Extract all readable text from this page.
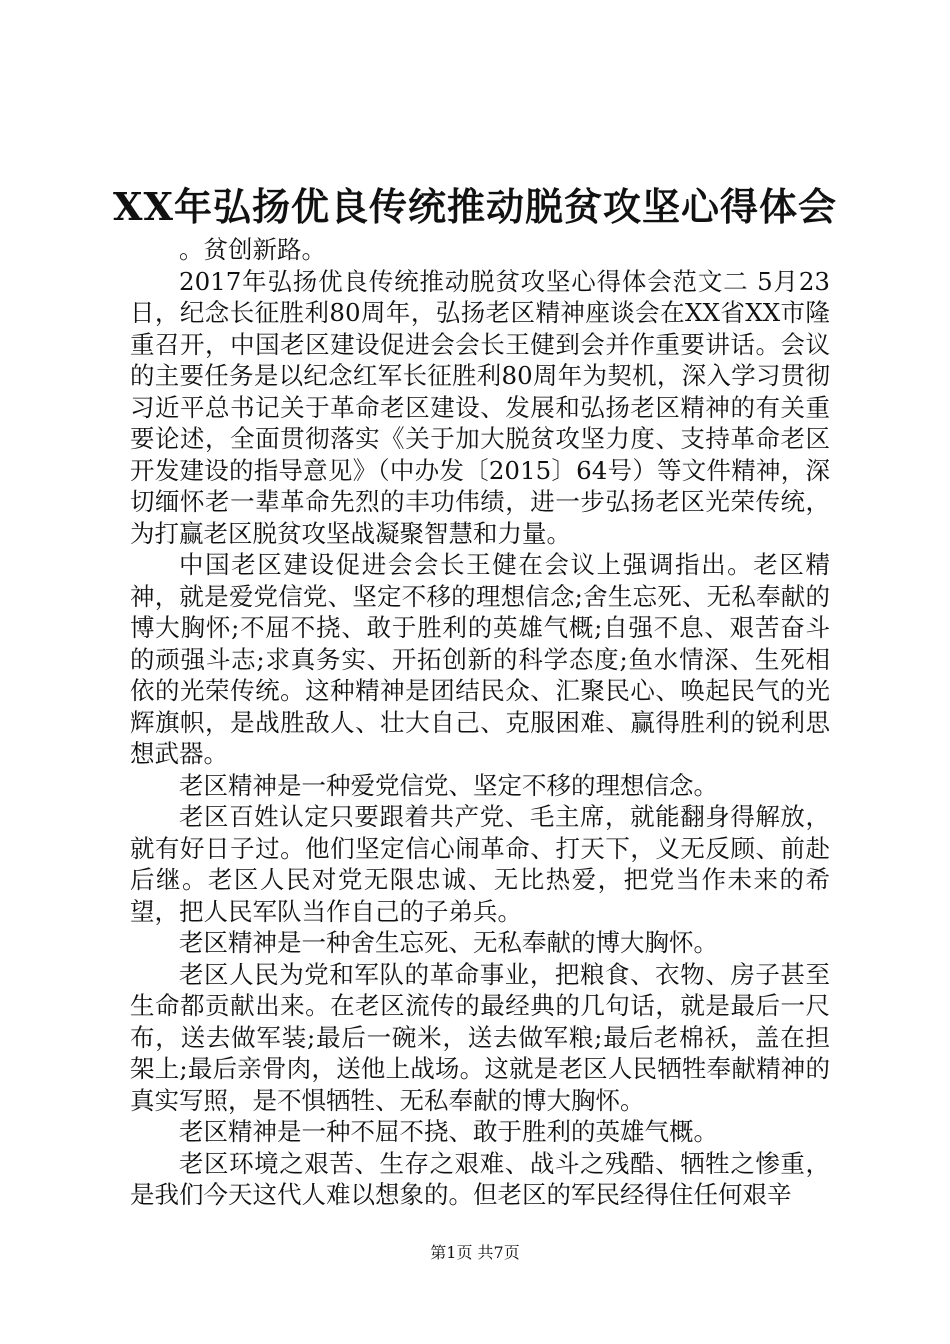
XX年弘扬优良传统推动脱贫攻坚心得体会

。贫创新路。

2017年弘扬优良传统推动脱贫攻坚心得体会范文二 5月23日，纪念长征胜利80周年，弘扬老区精神座谈会在XX省XX市隆重召开，中国老区建设促进会会长王健到会并作重要讲话。会议的主要任务是以纪念红军长征胜利80周年为契机，深入学习贯彻习近平总书记关于革命老区建设、发展和弘扬老区精神的有关重要论述，全面贯彻落实《关于加大脱贫攻坚力度、支持革命老区开发建设的指导意见》（中办发〔2015〕64号）等文件精神，深切缅怀老一辈革命先烈的丰功伟绩，进一步弘扬老区光荣传统，为打赢老区脱贫攻坚战凝聚智慧和力量。

中国老区建设促进会会长王健在会议上强调指出。老区精神，就是爱党信党、坚定不移的理想信念;舍生忘死、无私奉献的博大胸怀;不屈不挠、敢于胜利的英雄气概;自强不息、艰苦奋斗的顽强斗志;求真务实、开拓创新的科学态度;鱼水情深、生死相依的光荣传统。这种精神是团结民众、汇聚民心、唤起民气的光辉旗帜，是战胜敌人、壮大自己、克服困难、赢得胜利的锐利思想武器。

老区精神是一种爱党信党、坚定不移的理想信念。

老区百姓认定只要跟着共产党、毛主席，就能翻身得解放，就有好日子过。他们坚定信心闹革命、打天下，义无反顾、前赴后继。老区人民对党无限忠诚、无比热爱，把党当作未来的希望，把人民军队当作自己的子弟兵。

老区精神是一种舍生忘死、无私奉献的博大胸怀。

老区人民为党和军队的革命事业，把粮食、衣物、房子甚至生命都贡献出来。在老区流传的最经典的几句话，就是最后一尺布，送去做军装;最后一碗米，送去做军粮;最后老棉袄，盖在担架上;最后亲骨肉，送他上战场。这就是老区人民牺牲奉献精神的真实写照，是不惧牺牲、无私奉献的博大胸怀。

老区精神是一种不屈不挠、敢于胜利的英雄气概。

老区环境之艰苦、生存之艰难、战斗之残酷、牺牲之惨重，是我们今天这代人难以想象的。但老区的军民经得住任何艰辛

第1页 共7页
